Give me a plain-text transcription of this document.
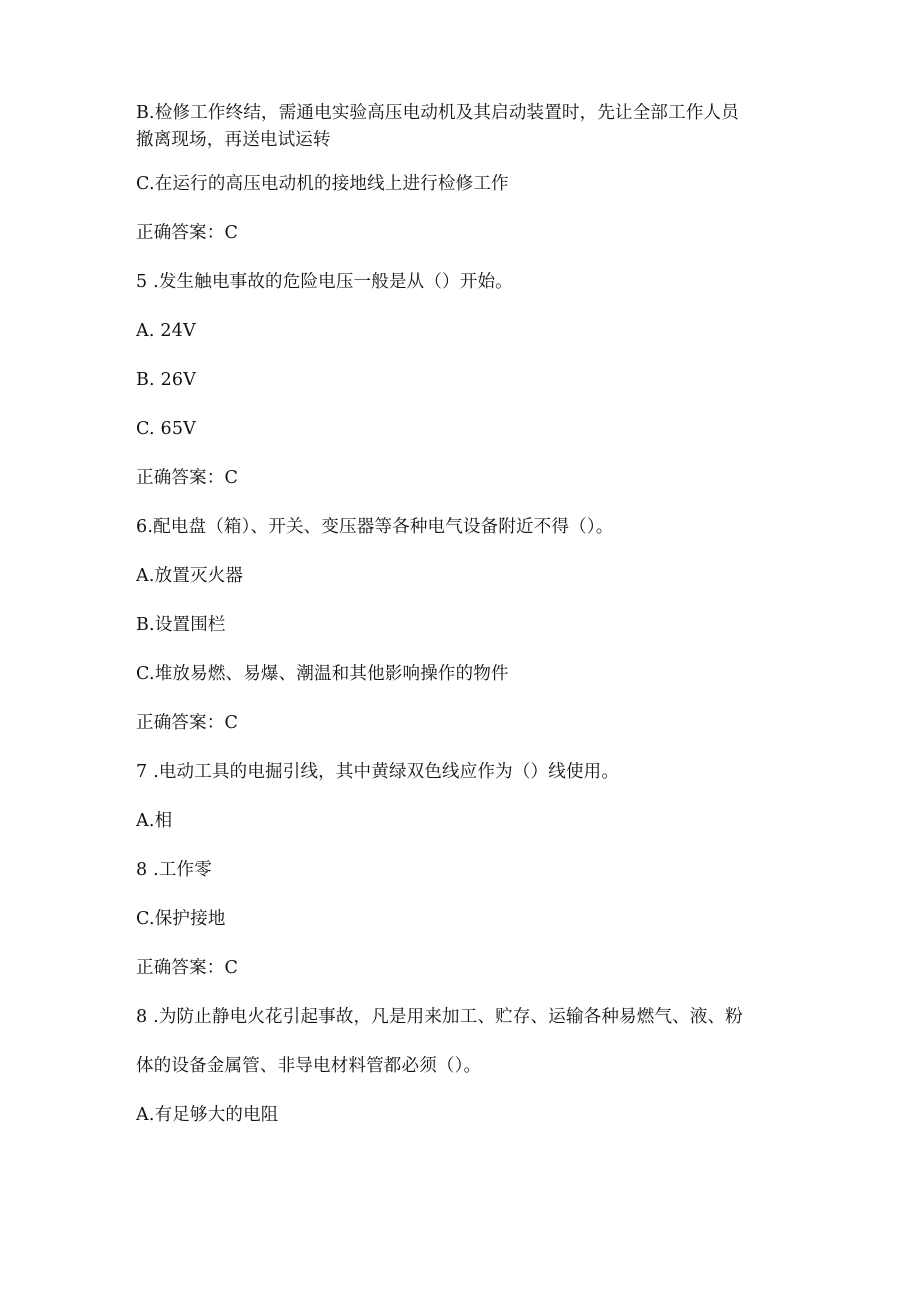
B.检修工作终结，需通电实验高压电动机及其启动装置时，先让全部工作人员
撤离现场，再送电试运转
C.在运行的高压电动机的接地线上进行检修工作
正确答案：C
5 .发生触电事故的危险电压一般是从（）开始。
A. 24V
B. 26V
C. 65V
正确答案：C
6.配电盘（箱）、开关、变压器等各种电气设备附近不得（）。
A.放置灭火器
B.设置围栏
C.堆放易燃、易爆、潮温和其他影响操作的物件
正确答案：C
7 .电动工具的电掘引线，其中黄绿双色线应作为（）线使用。
A.相
8 .工作零
C.保护接地
正确答案：C
8 .为防止静电火花引起事故，凡是用来加工、贮存、运输各种易燃气、液、粉
体的设备金属管、非导电材料管都必须（）。
A.有足够大的电阻
